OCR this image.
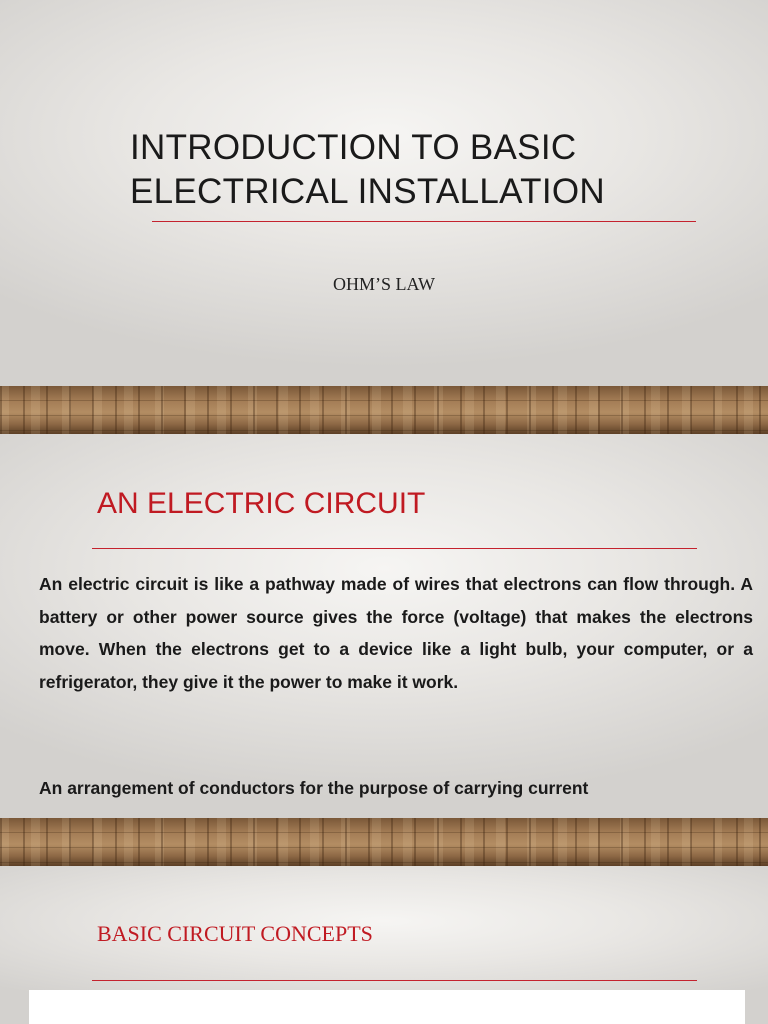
INTRODUCTION TO BASIC
ELECTRICAL INSTALLATION
OHM’S LAW
AN ELECTRIC CIRCUIT
An electric circuit is like a pathway made of wires that electrons can flow through. A battery or other power source gives the force (voltage) that makes the electrons move. When the electrons get to a device like a light bulb, your computer, or a refrigerator, they give it the power to make it work.
An arrangement of conductors for the purpose of carrying current
BASIC CIRCUIT CONCEPTS
